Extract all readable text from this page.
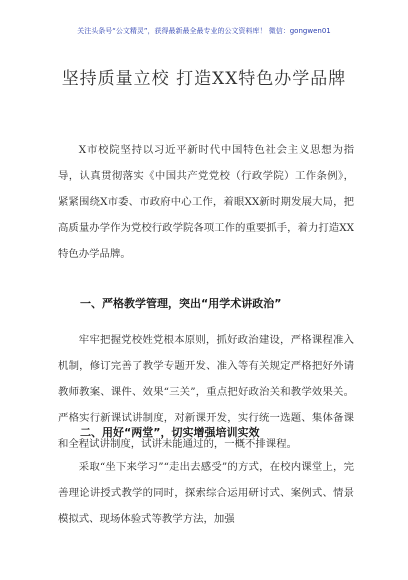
关注头条号“公文精灵”，获得最新最全最专业的公文资料库！ 微信：gongwen01
坚持质量立校 打造XX特色办学品牌

X市校院坚持以习近平新时代中国特色社会主义思想为指导，认真贯彻落实《中国共产党党校（行政学院）工作条例》，紧紧围绕X市委、市政府中心工作，着眼XX新时期发展大局，把高质量办学作为党校行政学院各项工作的重要抓手，着力打造XX特色办学品牌。

一、严格教学管理，突出“用学术讲政治”

牢牢把握党校姓党根本原则，抓好政治建设，严格课程准入机制，修订完善了教学专题开发、准入等有关规定严格把好外请教师教案、课件、效果“三关”，重点把好政治关和教学效果关。严格实行新课试讲制度，对新课开发，实行统一选题、集体备课和全程试讲制度，试讲未能通过的，一概不排课程。

二、用好“两堂”，切实增强培训实效

采取“坐下来学习”“走出去感受”的方式，在校内课堂上，完善理论讲授式教学的同时，探索综合运用研讨式、案例式、情景模拟式、现场体验式等教学方法，加强
